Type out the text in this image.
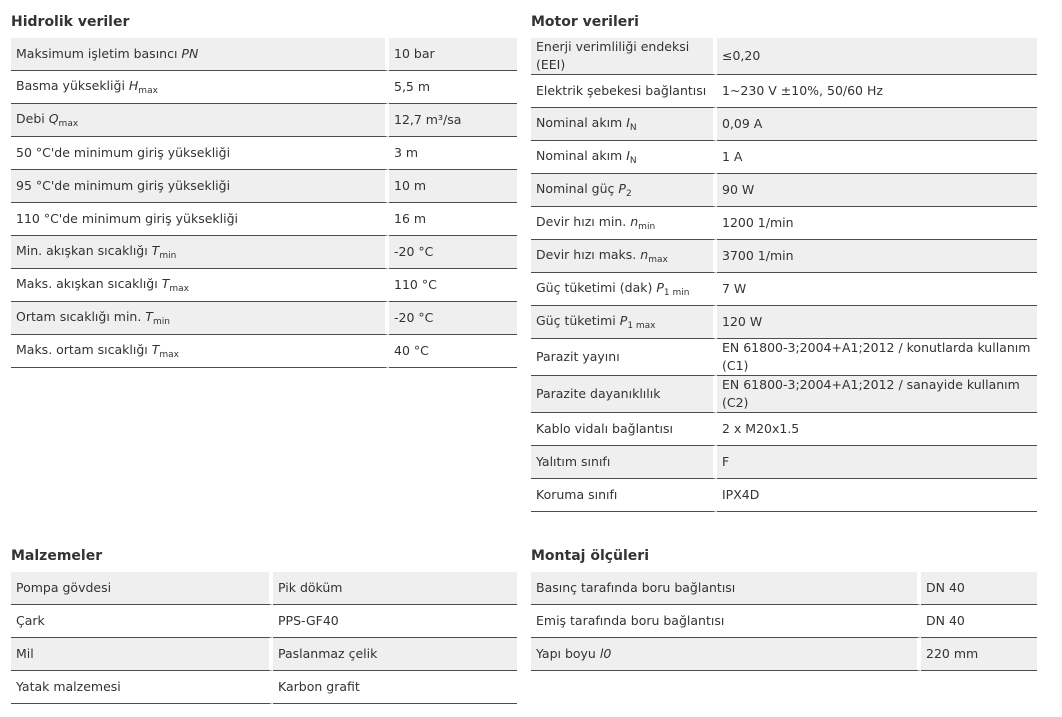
Hidrolik veriler
Maksimum işletim basıncı PN	10 bar
Basma yüksekliği $H_{max}$	5,5 m
Debi $Q_{max}$	12,7 m³/sa
50 °C'de minimum giriş yüksekliği	3 m
95 °C'de minimum giriş yüksekliği	10 m
110 °C'de minimum giriş yüksekliği	16 m
Min. akışkan sıcaklığı $T_{min}$	-20 °C
Maks. akışkan sıcaklığı $T_{max}$	110 °C
Ortam sıcaklığı min. $T_{min}$	-20 °C
Maks. ortam sıcaklığı $T_{max}$	40 °C
Motor verileri
Enerji verimliliği endeksi (EEI)	≤0,20
Elektrik şebekesi bağlantısı	1~230 V ±10%, 50/60 Hz
Nominal akım $I_N$	0,09 A
Nominal akım $I_N$	1 A
Nominal güç $P_2$	90 W
Devir hızı min. $n_{min}$	1200 1/min
Devir hızı maks. $n_{max}$	3700 1/min
Güç tüketimi (dak) $P_{1 min}$	7 W
Güç tüketimi $P_{1 max}$	120 W
Parazit yayını	EN 61800-3;2004+A1;2012 / konutlarda kullanım (C1)
Parazite dayanıklılık	EN 61800-3;2004+A1;2012 / sanayide kullanım (C2)
Kablo vidalı bağlantısı	2 x M20x1.5
Yalıtım sınıfı	F
Koruma sınıfı	IPX4D
Malzemeler
Pompa gövdesi	Pik döküm
Çark	PPS-GF40
Mil	Paslanmaz çelik
Yatak malzemesi	Karbon grafit
Montaj ölçüleri
Basınç tarafında boru bağlantısı	DN 40
Emiş tarafında boru bağlantısı	DN 40
Yapı boyu l0	220 mm
